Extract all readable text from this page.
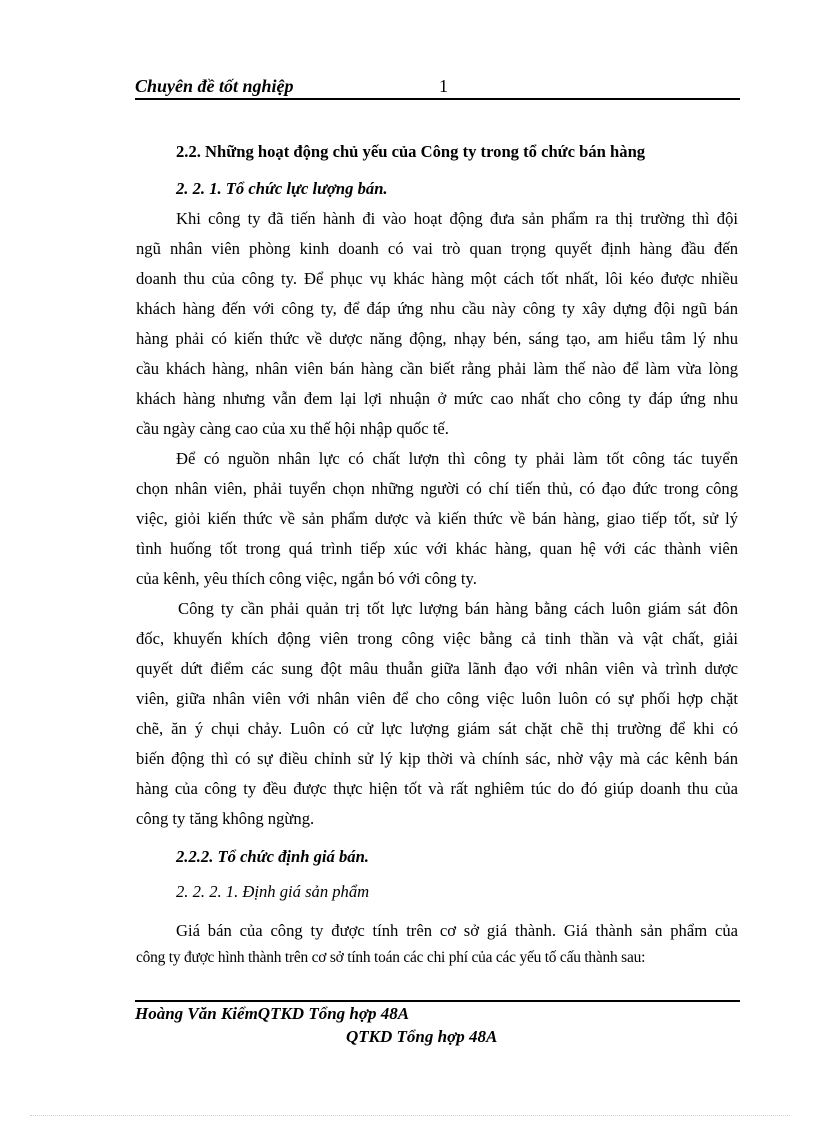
Chuyên đề tốt nghiệp	1
2.2. Những hoạt động chủ yếu của Công ty trong tổ chức bán hàng
2. 2. 1. Tổ chức lực lượng bán.
Khi công ty đã tiến hành đi vào hoạt động đưa sản phẩm ra thị trường thì đội
ngũ nhân viên phòng kinh doanh có vai trò quan trọng quyết định hàng đầu đến
doanh thu của công ty. Để phục vụ khác hàng một cách tốt nhất, lôi kéo được nhiều
khách hàng đến với công ty, để đáp ứng nhu cầu này công ty xây dựng đội ngũ bán
hàng phải có kiến thức về dược năng động, nhạy bén, sáng tạo, am hiểu tâm lý nhu
cầu khách hàng, nhân viên bán hàng cần biết rằng phải làm thế nào để làm vừa lòng
khách hàng nhưng vẫn đem lại lợi nhuận ở mức cao nhất cho công ty đáp ứng nhu
cầu ngày càng cao của xu thế hội nhập quốc tế.
Để có nguồn nhân lực có chất lượn thì công ty phải làm tốt công tác tuyển
chọn nhân viên, phải tuyển chọn những người có chí tiến thủ, có đạo đức trong công
việc, giỏi kiến thức về sản phẩm dược và kiến thức về bán hàng, giao tiếp tốt, sử lý
tình huống tốt trong quá trình tiếp xúc với khác hàng, quan hệ với các thành viên
của kênh, yêu thích công việc, ngắn bó với công ty.
Công ty cần phải quản trị tốt lực lượng bán hàng bằng cách luôn giám sát đôn
đốc, khuyến khích động viên trong công việc bằng cả tinh thần và vật chất, giải
quyết dứt điểm các sung đột mâu thuẫn giữa lãnh đạo với nhân viên và trình dược
viên, giữa nhân viên với nhân viên để cho công việc luôn luôn có sự phối hợp chặt
chẽ, ăn ý chụi chảy. Luôn có cử lực lượng giám sát chặt chẽ thị trường để khi có
biến động thì có sự điều chỉnh sử lý kịp thời và chính sác, nhờ vậy mà các kênh bán
hàng của công ty đều được thực hiện tốt và rất nghiêm túc do đó giúp doanh thu của
công ty tăng không ngừng.
2.2.2. Tổ chức định giá bán.
2. 2. 2. 1. Định giá sản phẩm
Giá bán của công ty được tính trên cơ sở giá thành. Giá thành sản phẩm của
công ty được hình thành trên cơ sở tính toán các chi phí của các yếu tố cấu thành sau:
Hoàng Văn KiểmQTKD Tổng hợp 48A
QTKD Tổng hợp 48A
